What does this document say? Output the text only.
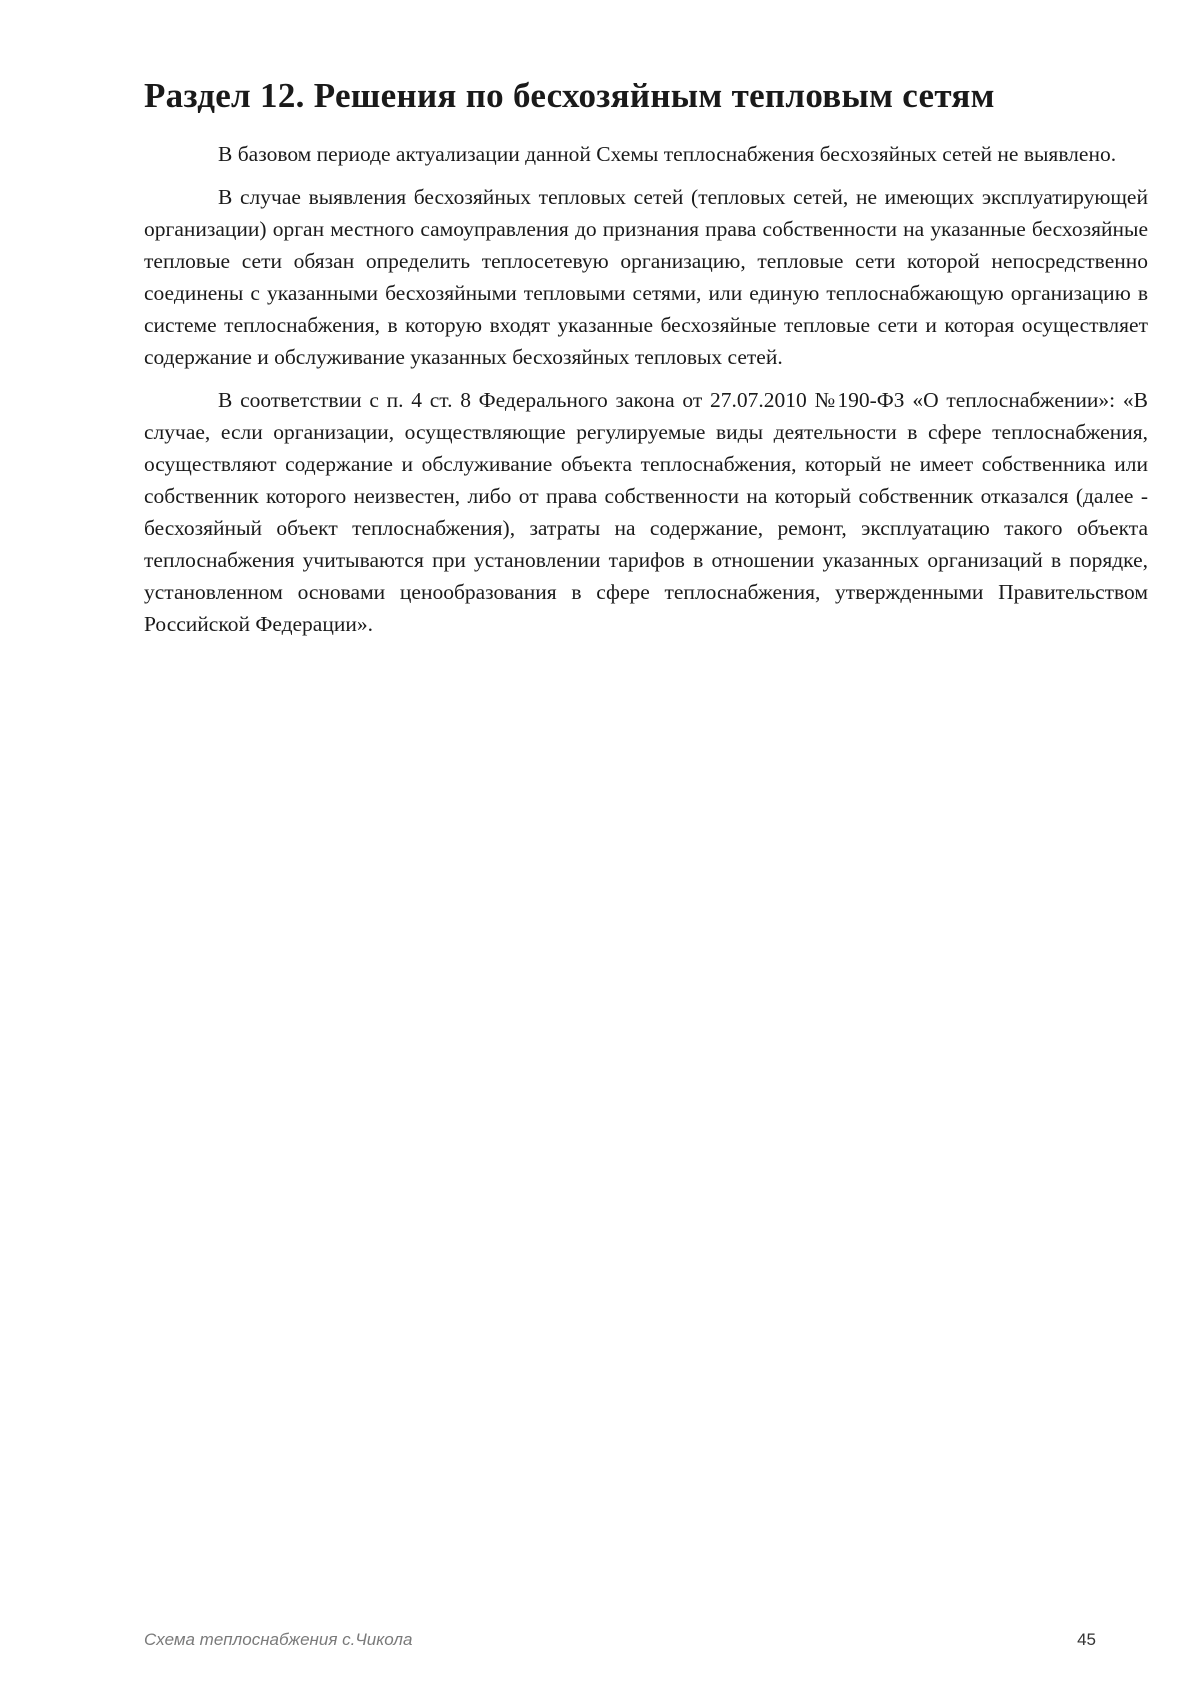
Раздел 12. Решения по бесхозяйным тепловым сетям

В базовом периоде актуализации данной Схемы теплоснабжения бесхозяйных сетей не выявлено.

В случае выявления бесхозяйных тепловых сетей (тепловых сетей, не имеющих эксплуатирующей организации) орган местного самоуправления до признания права собственности на указанные бесхозяйные тепловые сети обязан определить теплосетевую организацию, тепловые сети которой непосредственно соединены с указанными бесхозяйными тепловыми сетями, или единую теплоснабжающую организацию в системе теплоснабжения, в которую входят указанные бесхозяйные тепловые сети и которая осуществляет содержание и обслуживание указанных бесхозяйных тепловых сетей.

В соответствии с п. 4 ст. 8 Федерального закона от 27.07.2010 №190-ФЗ «О теплоснабжении»: «В случае, если организации, осуществляющие регулируемые виды деятельности в сфере теплоснабжения, осуществляют содержание и обслуживание объекта теплоснабжения, который не имеет собственника или собственник которого неизвестен, либо от права собственности на который собственник отказался (далее - бесхозяйный объект теплоснабжения), затраты на содержание, ремонт, эксплуатацию такого объекта теплоснабжения учитываются при установлении тарифов в отношении указанных организаций в порядке, установленном основами ценообразования в сфере теплоснабжения, утвержденными Правительством Российской Федерации».

Схема теплоснабжения с.Чикола	45
